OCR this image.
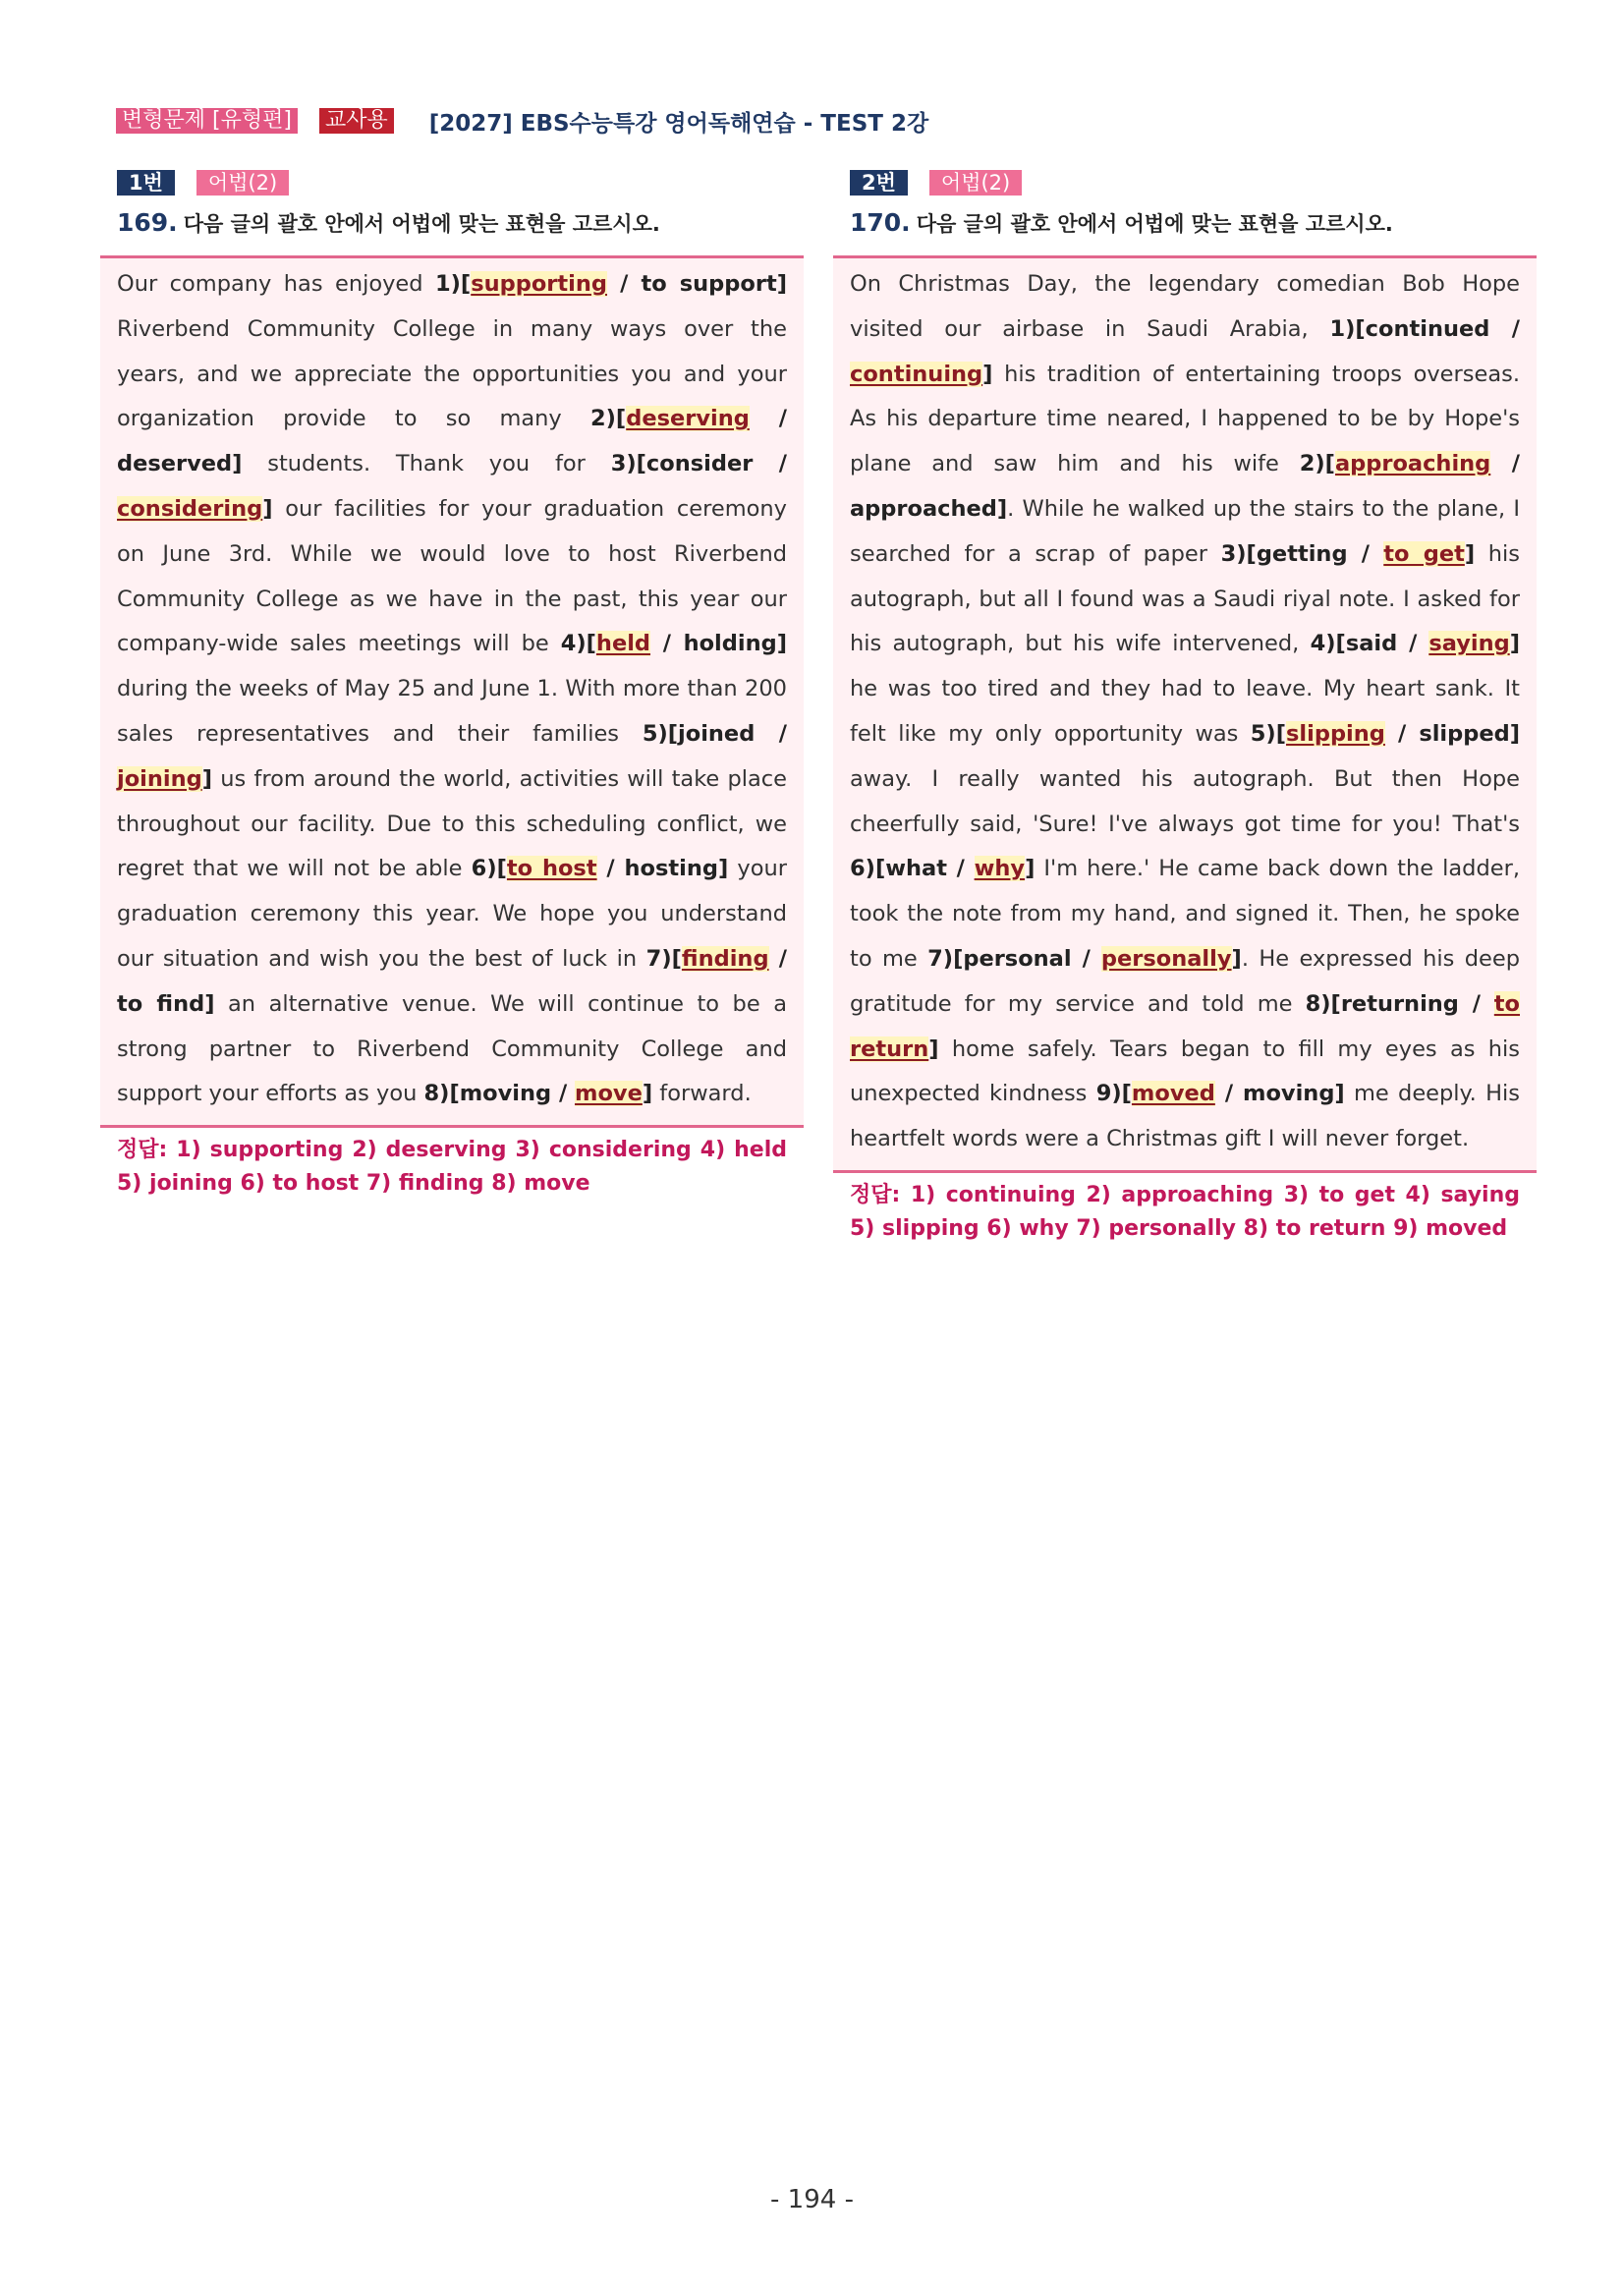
변형문제 [유형편] 교사용 [2027] EBS수능특강 영어독해연습 - TEST 2강
1번	어법(2)
169. 다음 글의 괄호 안에서 어법에 맞는 표현을 고르시오.
Our company has enjoyed 1)[supporting / to support] Riverbend Community College in many ways over the years, and we appreciate the opportunities you and your organization provide to so many 2)[deserving / deserved] students. Thank you for 3)[consider / considering] our facilities for your graduation ceremony on June 3rd. While we would love to host Riverbend Community College as we have in the past, this year our company-wide sales meetings will be 4)[held / holding] during the weeks of May 25 and June 1. With more than 200 sales representatives and their families 5)[joined / joining] us from around the world, activities will take place throughout our facility. Due to this scheduling conflict, we regret that we will not be able 6)[to host / hosting] your graduation ceremony this year. We hope you understand our situation and wish you the best of luck in 7)[finding / to find] an alternative venue. We will continue to be a strong partner to Riverbend Community College and support your efforts as you 8)[moving / move] forward.
정답: 1) supporting 2) deserving 3) considering 4) held 5) joining 6) to host 7) finding 8) move
2번	어법(2)
170. 다음 글의 괄호 안에서 어법에 맞는 표현을 고르시오.
On Christmas Day, the legendary comedian Bob Hope visited our airbase in Saudi Arabia, 1)[continued / continuing] his tradition of entertaining troops overseas. As his departure time neared, I happened to be by Hope's plane and saw him and his wife 2)[approaching / approached]. While he walked up the stairs to the plane, I searched for a scrap of paper 3)[getting / to get] his autograph, but all I found was a Saudi riyal note. I asked for his autograph, but his wife intervened, 4)[said / saying] he was too tired and they had to leave. My heart sank. It felt like my only opportunity was 5)[slipping / slipped] away. I really wanted his autograph. But then Hope cheerfully said, 'Sure! I've always got time for you! That's 6)[what / why] I'm here.' He came back down the ladder, took the note from my hand, and signed it. Then, he spoke to me 7)[personal / personally]. He expressed his deep gratitude for my service and told me 8)[returning / to return] home safely. Tears began to fill my eyes as his unexpected kindness 9)[moved / moving] me deeply. His heartfelt words were a Christmas gift I will never forget.
정답: 1) continuing 2) approaching 3) to get 4) saying 5) slipping 6) why 7) personally 8) to return 9) moved
- 194 -
